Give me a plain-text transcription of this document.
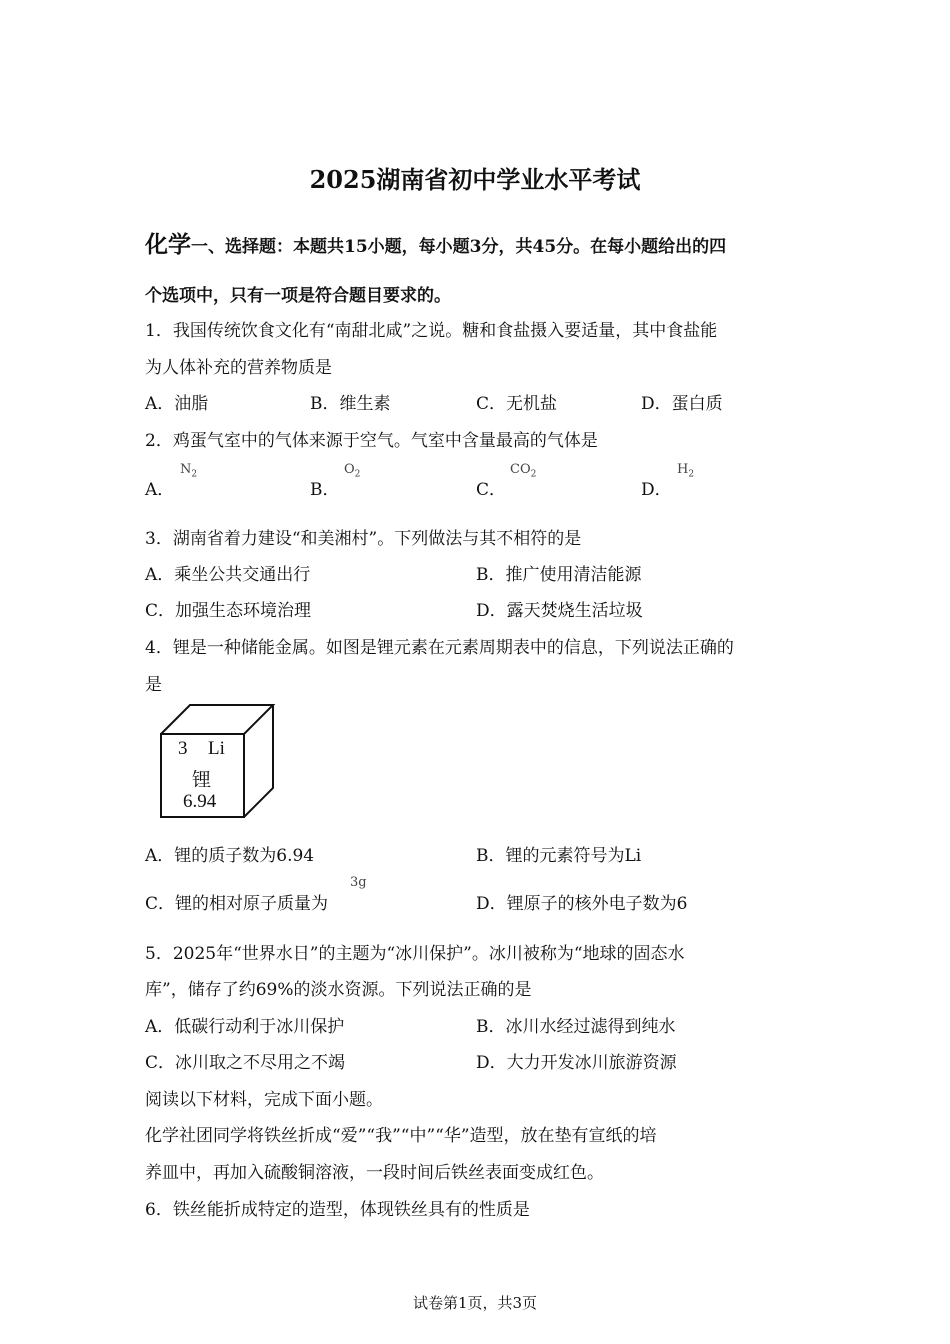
2025湖南省初中学业水平考试
化学一、选择题：本题共15小题，每小题3分，共45分。在每小题给出的四
个选项中，只有一项是符合题目要求的。
1．我国传统饮食文化有“南甜北咸”之说。糖和食盐摄入要适量，其中食盐能
为人体补充的营养物质是
A．油脂	B．维生素	C．无机盐	D．蛋白质
2．鸡蛋气室中的气体来源于空气。气室中含量最高的气体是
A．
$N_2$
B．
$O_2$
C．
$CO_2$
D．
$H_2$
3．湖南省着力建设“和美湘村”。下列做法与其不相符的是
A．乘坐公共交通出行	B．推广使用清洁能源
C．加强生态环境治理	D．露天焚烧生活垃圾
4．锂是一种储能金属。如图是锂元素在元素周期表中的信息，下列说法正确的
是
3 Li
锂
6.94
A．锂的质子数为6.94	B．锂的元素符号为Li
C．锂的相对原子质量为
3g
D．锂原子的核外电子数为6
5．2025年“世界水日”的主题为“冰川保护”。冰川被称为“地球的固态水
库”，储存了约69%的淡水资源。下列说法正确的是
A．低碳行动利于冰川保护	B．冰川水经过滤得到纯水
C．冰川取之不尽用之不竭	D．大力开发冰川旅游资源
阅读以下材料，完成下面小题。
化学社团同学将铁丝折成“爱”“我”“中”“华”造型，放在垫有宣纸的培
养皿中，再加入硫酸铜溶液，一段时间后铁丝表面变成红色。
6．铁丝能折成特定的造型，体现铁丝具有的性质是
试卷第1页，共3页
